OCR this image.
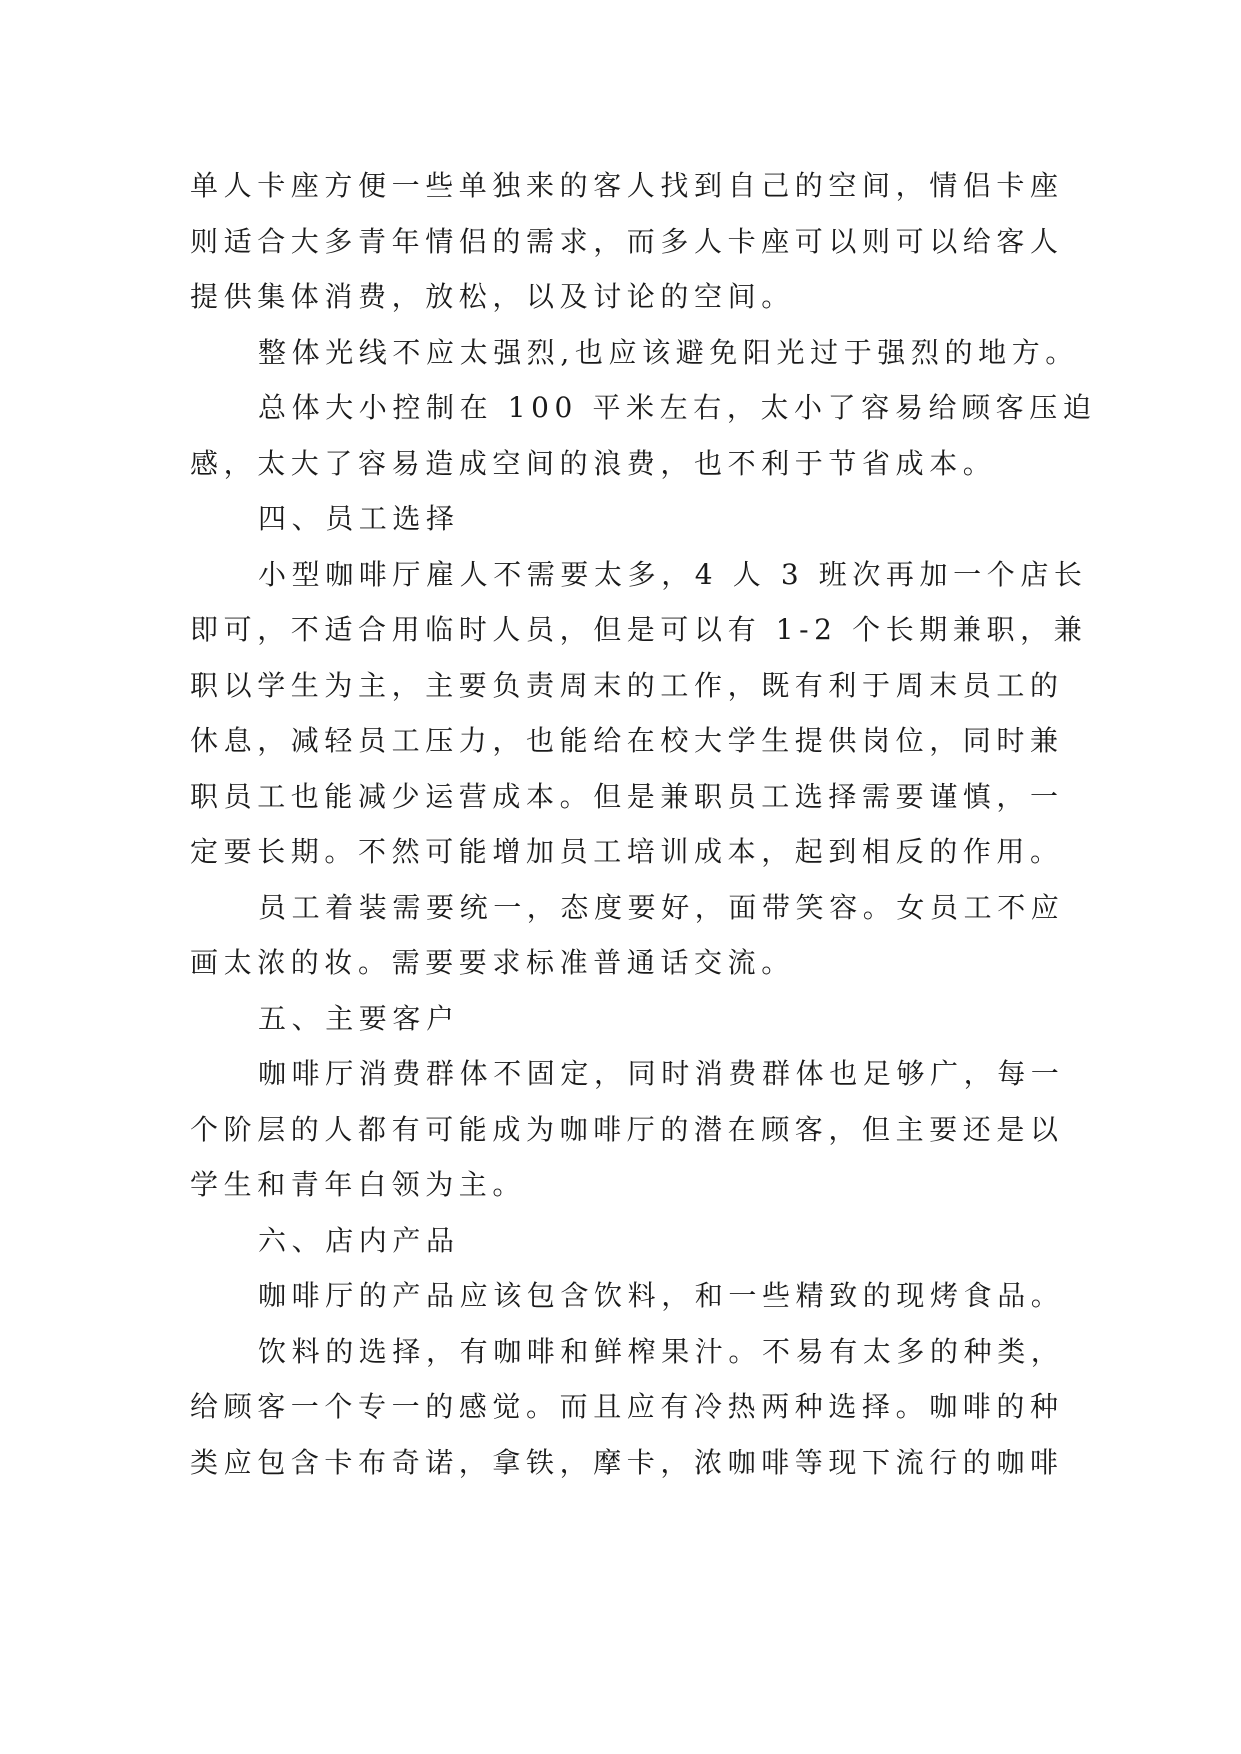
单人卡座方便一些单独来的客人找到自己的空间，情侣卡座
则适合大多青年情侣的需求，而多人卡座可以则可以给客人
提供集体消费，放松，以及讨论的空间。
整体光线不应太强烈,也应该避免阳光过于强烈的地方。
总体大小控制在 100 平米左右，太小了容易给顾客压迫
感，太大了容易造成空间的浪费，也不利于节省成本。
四、员工选择
小型咖啡厅雇人不需要太多，4 人 3 班次再加一个店长
即可，不适合用临时人员，但是可以有 1-2 个长期兼职，兼
职以学生为主，主要负责周末的工作，既有利于周末员工的
休息，减轻员工压力，也能给在校大学生提供岗位，同时兼
职员工也能减少运营成本。但是兼职员工选择需要谨慎，一
定要长期。不然可能增加员工培训成本，起到相反的作用。
员工着装需要统一，态度要好，面带笑容。女员工不应
画太浓的妆。需要要求标准普通话交流。
五、主要客户
咖啡厅消费群体不固定，同时消费群体也足够广，每一
个阶层的人都有可能成为咖啡厅的潜在顾客，但主要还是以
学生和青年白领为主。
六、店内产品
咖啡厅的产品应该包含饮料，和一些精致的现烤食品。
饮料的选择，有咖啡和鲜榨果汁。不易有太多的种类，
给顾客一个专一的感觉。而且应有冷热两种选择。咖啡的种
类应包含卡布奇诺，拿铁，摩卡，浓咖啡等现下流行的咖啡
